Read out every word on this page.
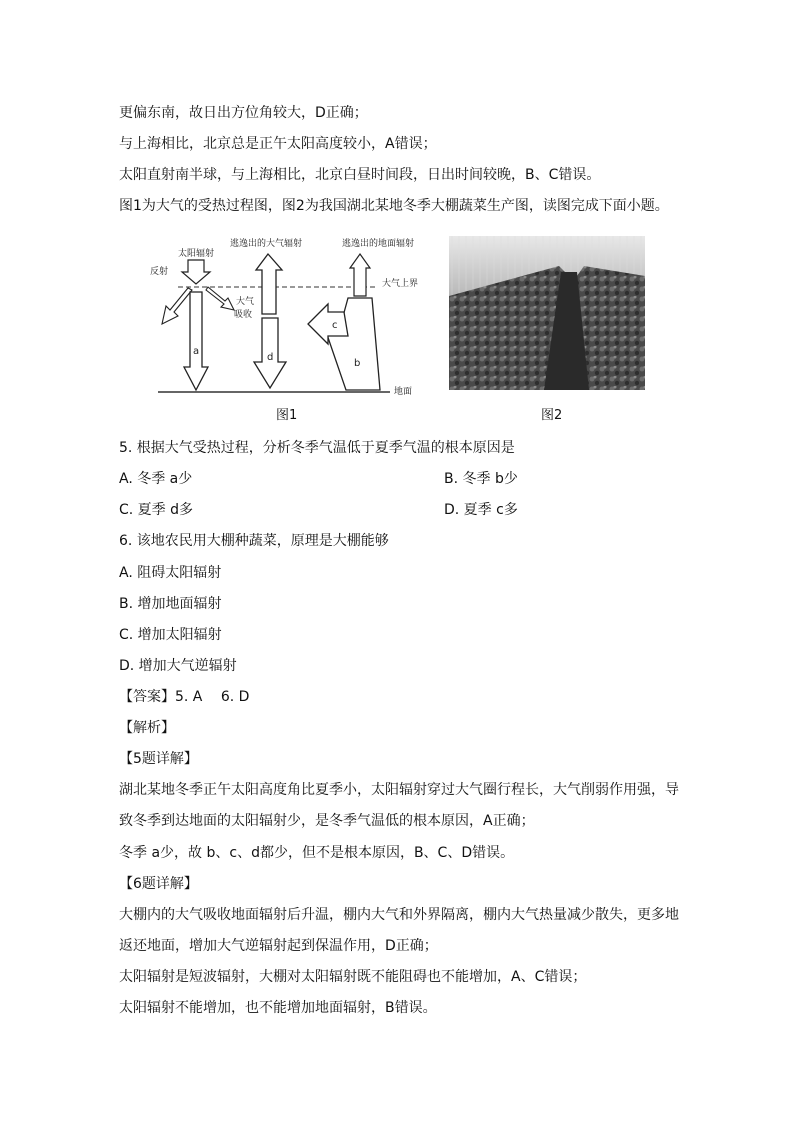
更偏东南，故日出方位角较大，D正确；
与上海相比，北京总是正午太阳高度较小，A错误；
太阳直射南半球，与上海相比，北京白昼时间段，日出时间较晚，B、C错误。
图1为大气的受热过程图，图2为我国湖北某地冬季大棚蔬菜生产图，读图完成下面小题。
大气上界
地面
太阳辐射
反射
大气
吸收
a
逃逸出的大气辐射
d
逃逸出的地面辐射
b
c
图1	图2
5. 根据大气受热过程，分析冬季气温低于夏季气温的根本原因是
A. 冬季 a少	B. 冬季 b少
C. 夏季 d多	D. 夏季 c多
6. 该地农民用大棚种蔬菜，原理是大棚能够
A. 阻碍太阳辐射
B. 增加地面辐射
C. 增加太阳辐射
D. 增加大气逆辐射
【答案】5. A　 6. D
【解析】
【5题详解】
湖北某地冬季正午太阳高度角比夏季小，太阳辐射穿过大气圈行程长，大气削弱作用强，导
致冬季到达地面的太阳辐射少，是冬季气温低的根本原因，A正确；
冬季 a少，故 b、c、d都少，但不是根本原因，B、C、D错误。
【6题详解】
大棚内的大气吸收地面辐射后升温，棚内大气和外界隔离，棚内大气热量减少散失，更多地
返还地面，增加大气逆辐射起到保温作用，D正确；
太阳辐射是短波辐射，大棚对太阳辐射既不能阻碍也不能增加，A、C错误；
太阳辐射不能增加，也不能增加地面辐射，B错误。
